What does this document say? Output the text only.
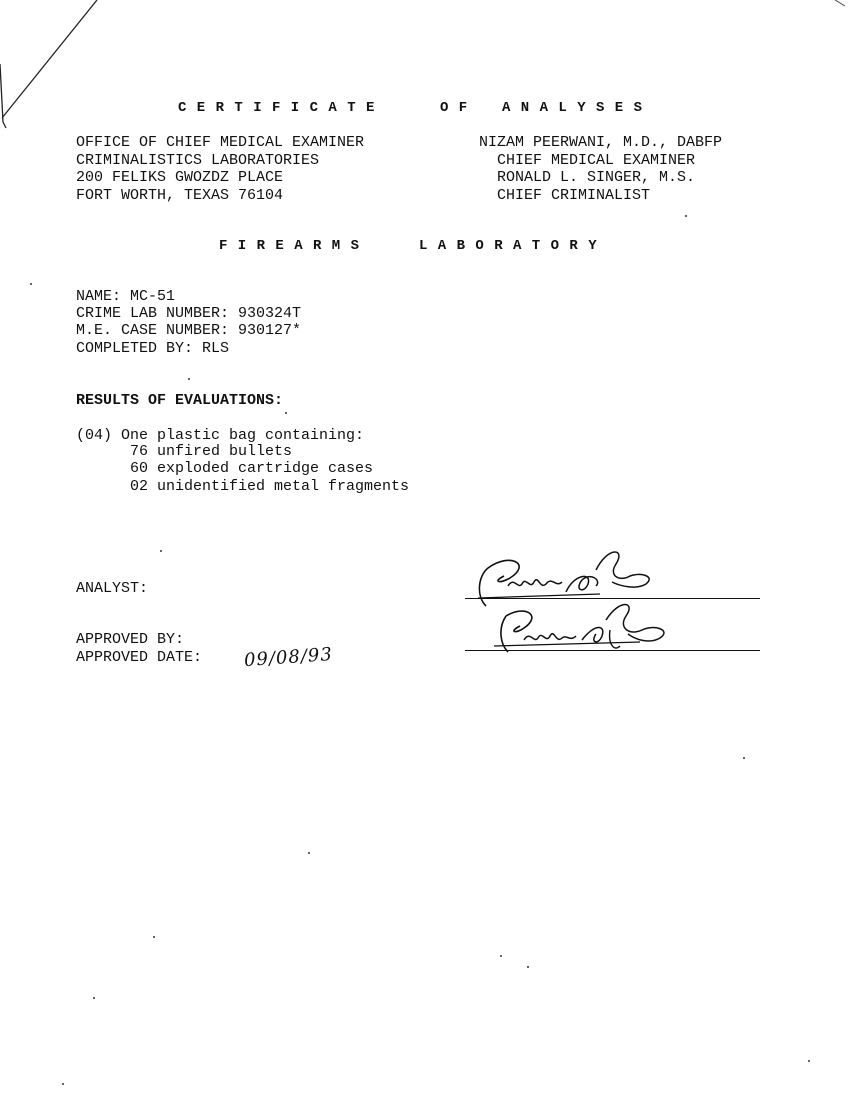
CERTIFICATE	OF ANALYSES
OFFICE OF CHIEF MEDICAL EXAMINER
CRIMINALISTICS LABORATORIES
200 FELIKS GWOZDZ PLACE
FORT WORTH, TEXAS 76104
NIZAM PEERWANI, M.D., DABFP
CHIEF MEDICAL EXAMINER
RONALD L. SINGER, M.S.
CHIEF CRIMINALIST
FIREARMS	LABORATORY
NAME: MC-51
CRIME LAB NUMBER: 930324T
M.E. CASE NUMBER: 930127*
COMPLETED BY: RLS
RESULTS OF EVALUATIONS:
(04) One plastic bag containing:
76 unfired bullets
60 exploded cartridge cases
02 unidentified metal fragments
ANALYST:
APPROVED BY:
APPROVED DATE: 09/08/93
